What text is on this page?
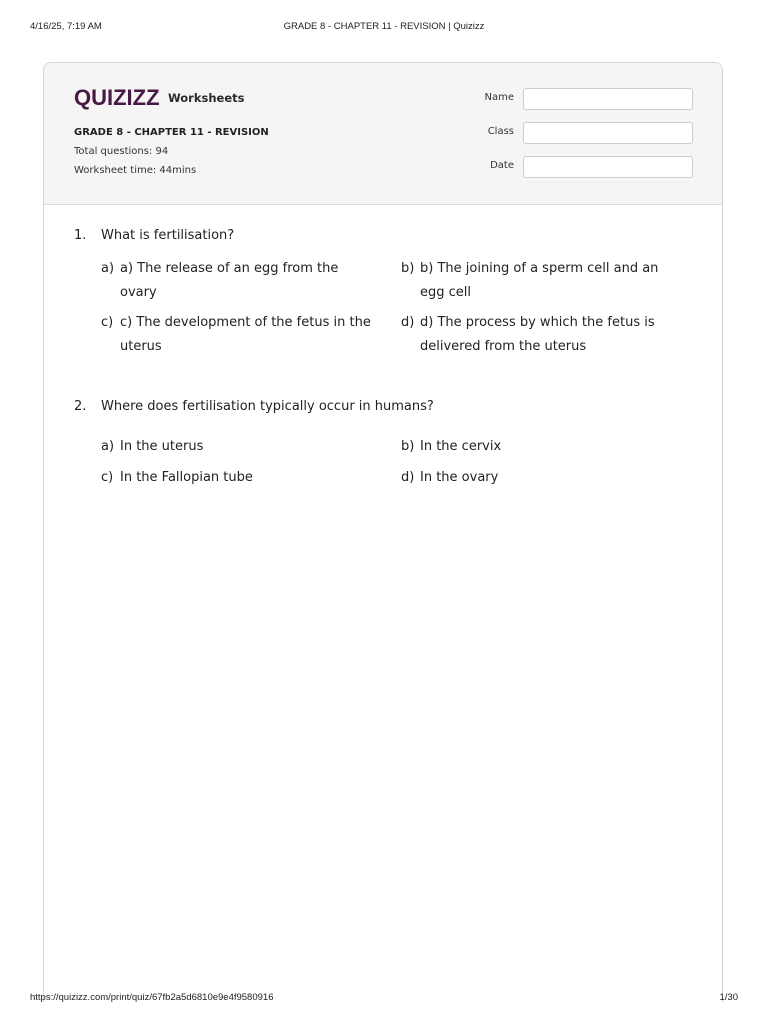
4/16/25, 7:19 AM	GRADE 8 - CHAPTER 11 - REVISION | Quizizz
QUIZIZZ Worksheets
GRADE 8 - CHAPTER 11 - REVISION
Total questions: 94
Worksheet time: 44mins
Name
Class
Date
1. What is fertilisation?
a) a) The release of an egg from the ovary
b) b) The joining of a sperm cell and an egg cell
c) c) The development of the fetus in the uterus
d) d) The process by which the fetus is delivered from the uterus
2. Where does fertilisation typically occur in humans?
a) In the uterus	b) In the cervix
c) In the Fallopian tube	d) In the ovary
https://quizizz.com/print/quiz/67fb2a5d6810e9e4f9580916	1/30
